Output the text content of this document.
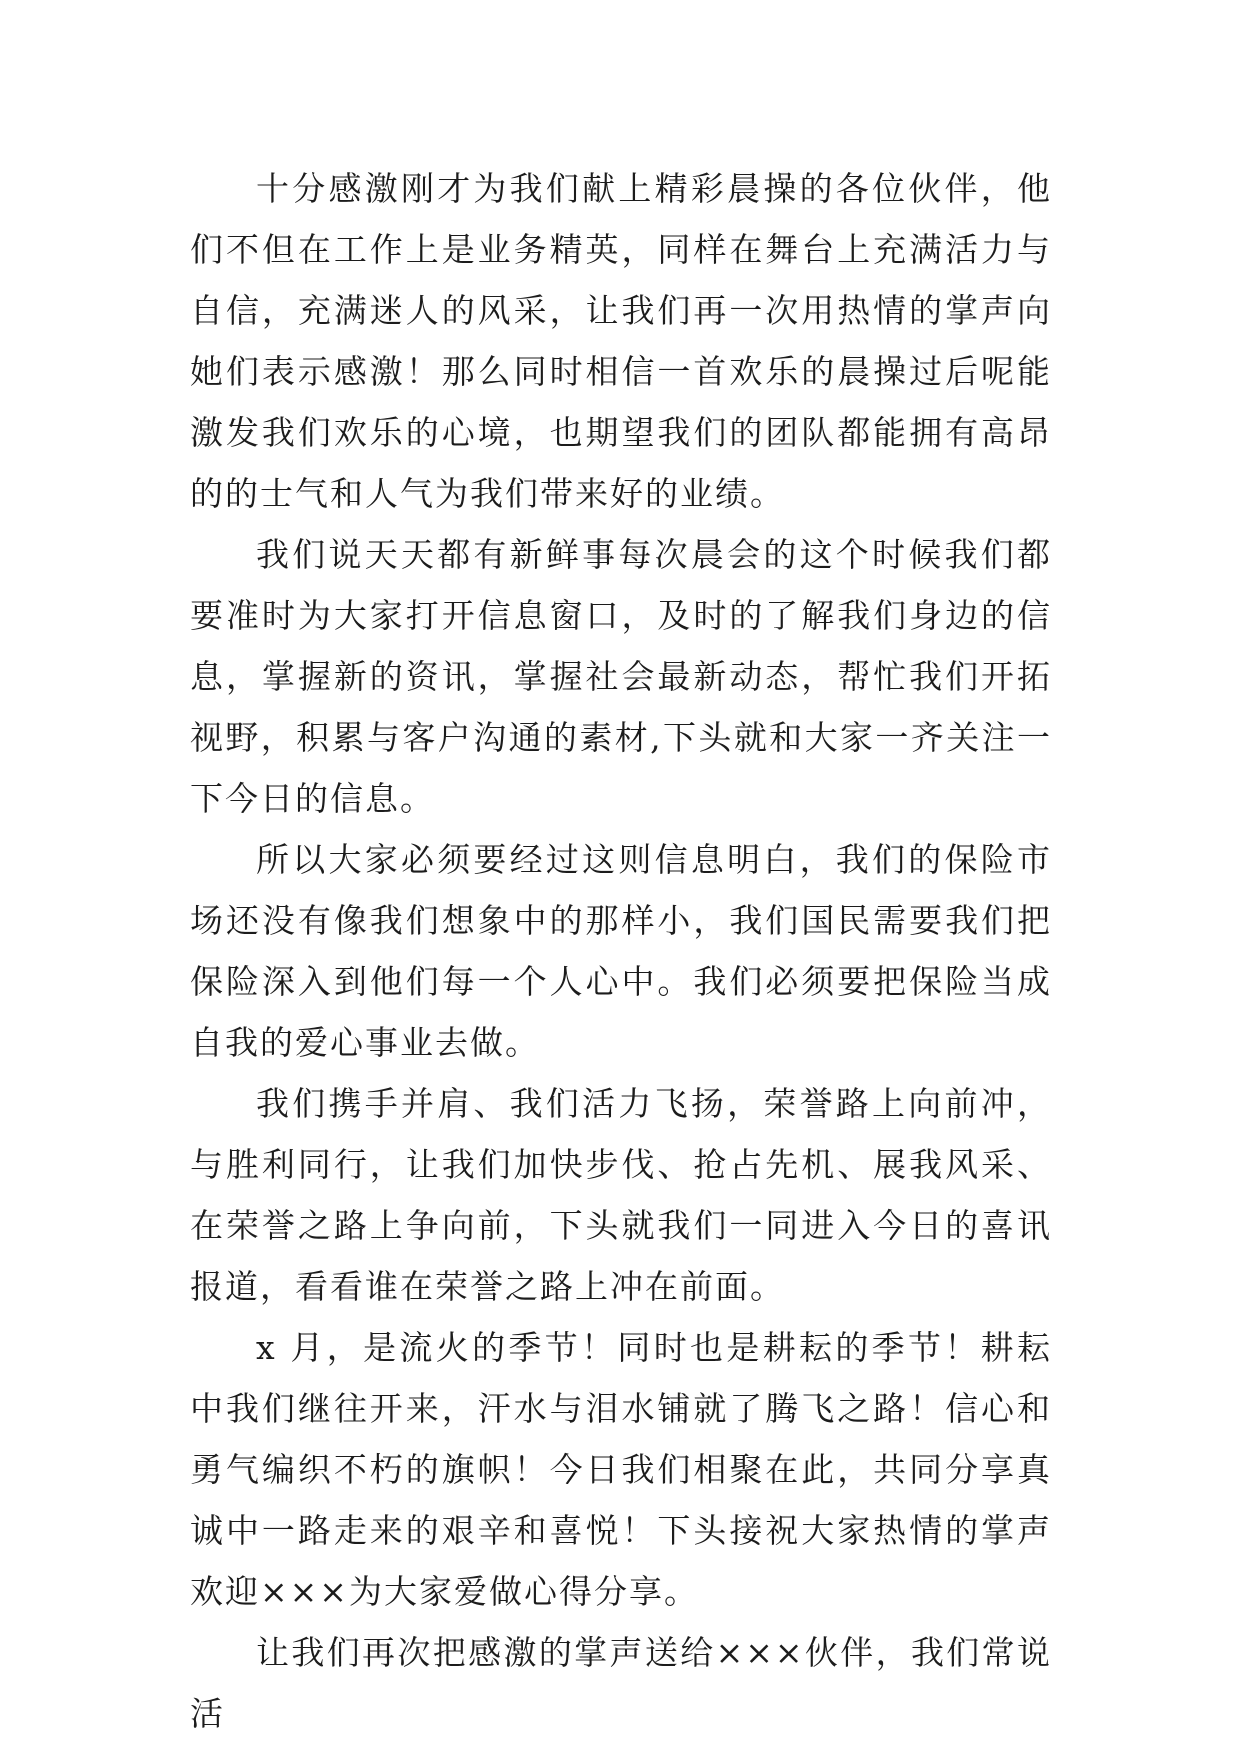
十分感激刚才为我们献上精彩晨操的各位伙伴，他们不但在工作上是业务精英，同样在舞台上充满活力与自信，充满迷人的风采，让我们再一次用热情的掌声向她们表示感激！那么同时相信一首欢乐的晨操过后呢能激发我们欢乐的心境，也期望我们的团队都能拥有高昂的的士气和人气为我们带来好的业绩。

我们说天天都有新鲜事每次晨会的这个时候我们都要准时为大家打开信息窗口，及时的了解我们身边的信息，掌握新的资讯，掌握社会最新动态，帮忙我们开拓视野，积累与客户沟通的素材,下头就和大家一齐关注一下今日的信息。

所以大家必须要经过这则信息明白，我们的保险市场还没有像我们想象中的那样小，我们国民需要我们把保险深入到他们每一个人心中。我们必须要把保险当成自我的爱心事业去做。

我们携手并肩、我们活力飞扬，荣誉路上向前冲，与胜利同行，让我们加快步伐、抢占先机、展我风采、在荣誉之路上争向前，下头就我们一同进入今日的喜讯报道，看看谁在荣誉之路上冲在前面。

x 月，是流火的季节！同时也是耕耘的季节！耕耘中我们继往开来，汗水与泪水铺就了腾飞之路！信心和勇气编织不朽的旗帜！今日我们相聚在此，共同分享真诚中一路走来的艰辛和喜悦！下头接祝大家热情的掌声欢迎×××为大家爱做心得分享。

让我们再次把感激的掌声送给×××伙伴，我们常说活
